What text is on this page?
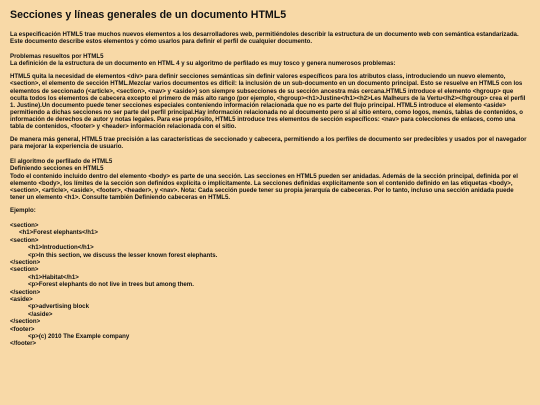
Secciones y líneas generales de un documento HTML5

La especificación HTML5 trae muchos nuevos elementos a los desarrolladores web, permitiéndoles describir la estructura de un documento web con semántica estandarizada. Este documento describe estos elementos y cómo usarlos para definir el perfil de cualquier documento.

Problemas resueltos por HTML5
La definición de la estructura de un documento en HTML 4 y su algoritmo de perfilado es muy tosco y genera numerosos problemas:

HTML5 quita la necesidad de elementos <div> para definir secciones semánticas sin definir valores específicos para los atributos class, introduciendo un nuevo elemento, <section>, el elemento de sección HTML.Mezclar varios documentos es difícil: la inclusión de un sub-documento en un documento principal. Esto se resuelve en HTML5 con los elementos de seccionado (<article>, <section>, <nav> y <aside>) son siempre subsecciones de su sección ancestra más cercana.HTML5 introduce el elemento <hgroup> que oculta todos los elementos de cabecera excepto el primero de más alto rango (por ejemplo, <hgroup><h1>Justine</h1><h2>Les Malheurs de la Vertu</h2></hgroup> crea el perfil 1. Justine).Un documento puede tener secciones especiales conteniendo información relacionada que no es parte del flujo principal. HTML5 introduce el elemento <aside> permitiendo a dichas secciones no ser parte del perfil principal.Hay información relacionada no al documento pero sí al sitio entero, como logos, menús, tablas de contenidos, o información de derechos de autor y notas legales. Para ese propósito, HTML5 introduce tres elementos de sección específicos: <nav> para colecciones de enlaces, como una tabla de contenidos, <footer> y <header> información relacionada con el sitio.

De manera más general, HTML5 trae precisión a las características de seccionado y cabecera, permitiendo a los perfiles de documento ser predecibles y usados por el navegador para mejorar la experiencia de usuario.

El algoritmo de perfilado de HTML5
Definiendo secciones en HTML5
Todo el contenido incluido dentro del elemento <body> es parte de una sección. Las secciones en HTML5 pueden ser anidadas. Además de la sección principal, definida por el elemento <body>, los límites de la sección son definidos explícita o implícitamente. La secciones definidas explícitamente son el contenido definido en las etiquetas <body>, <section>, <article>, <aside>, <footer>, <header>, y <nav>. Nota: Cada sección puede tener su propia jerarquía de cabeceras. Por lo tanto, incluso una sección anidada puede tener un elemento <h1>. Consulte también Definiendo cabeceras en HTML5.

Ejemplo:

<section>
<h1>Forest elephants</h1>
<section>
<h1>Introduction</h1>
<p>In this section, we discuss the lesser known forest elephants.
</section>
<section>
<h1>Habitat</h1>
<p>Forest elephants do not live in trees but among them.
</section>
<aside>
<p>advertising block
</aside>
</section>
<footer>
<p>(c) 2010 The Example company
</footer>
